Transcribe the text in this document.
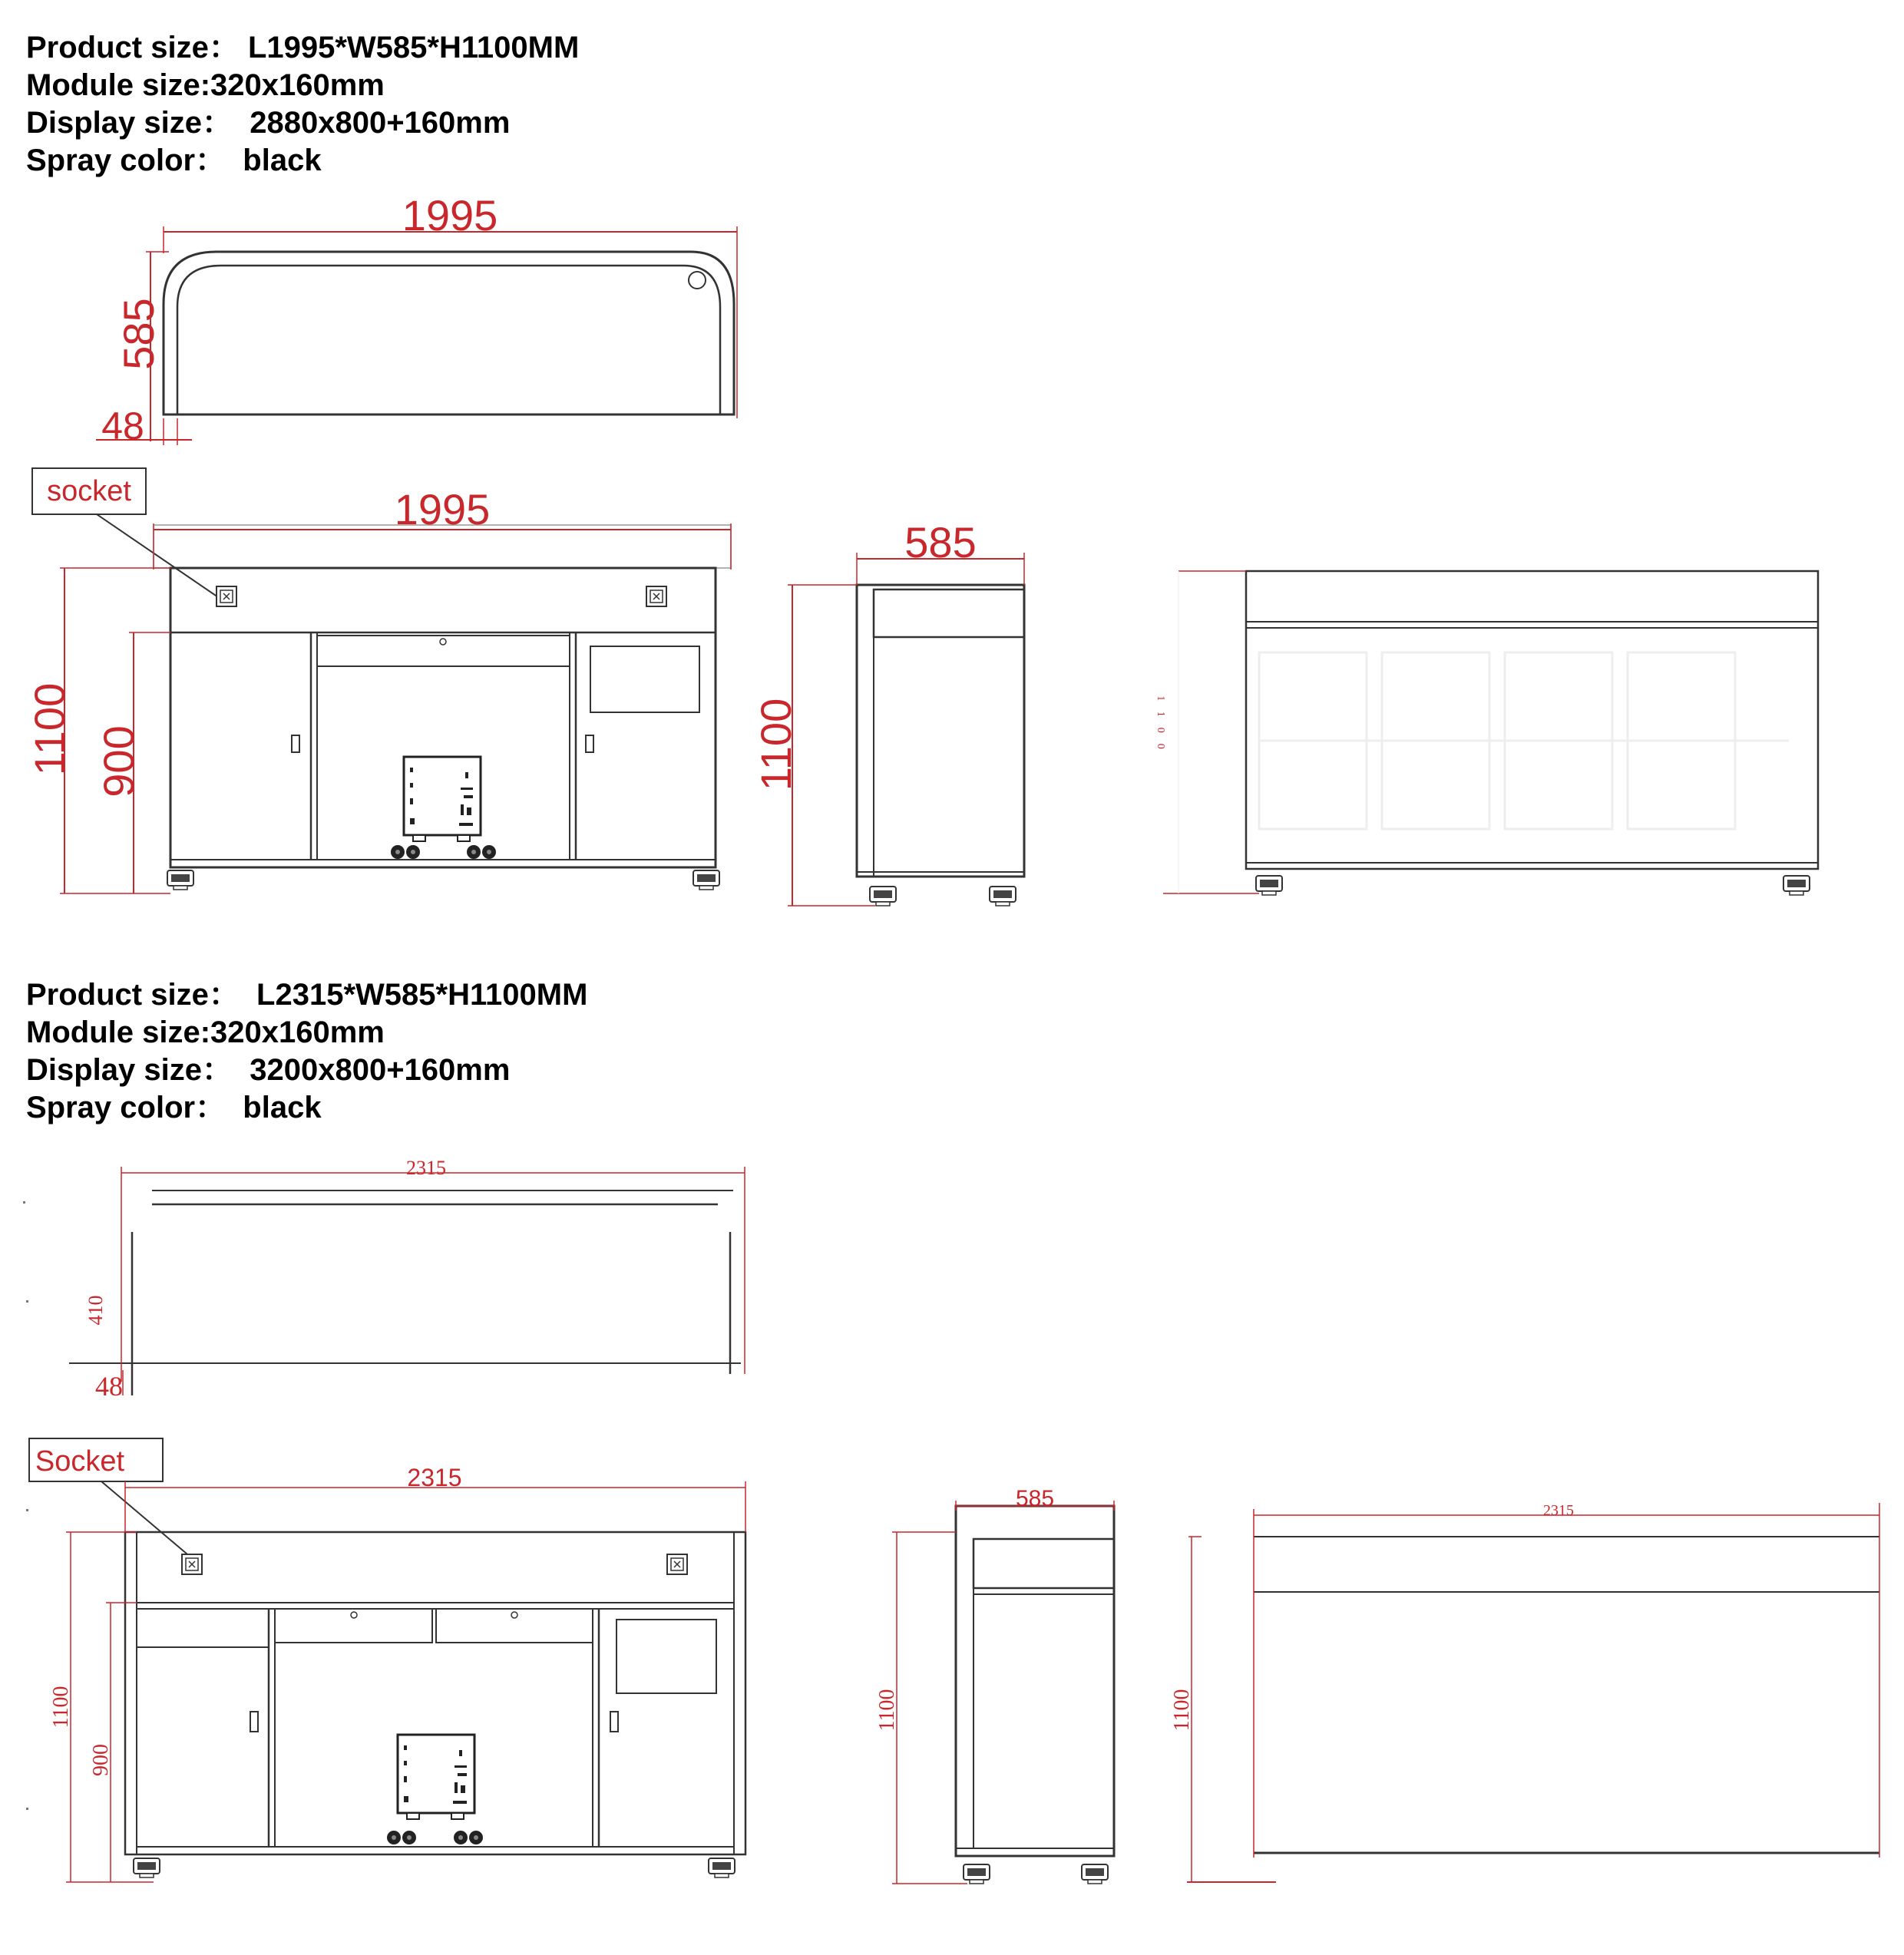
Product size： L1995*W585*H1100MM
Module size:320x160mm
Display size：  2880x800+160mm
Spray color：  black
Product size：  L2315*W585*H1100MM
Module size:320x160mm
Display size：  3200x800+160mm
Spray color：  black
1995
585
48
socket	1995
1100 900
585
1100	1100
2315
410
48
Socket	2315
1100
900
585
1100
2315
1100
